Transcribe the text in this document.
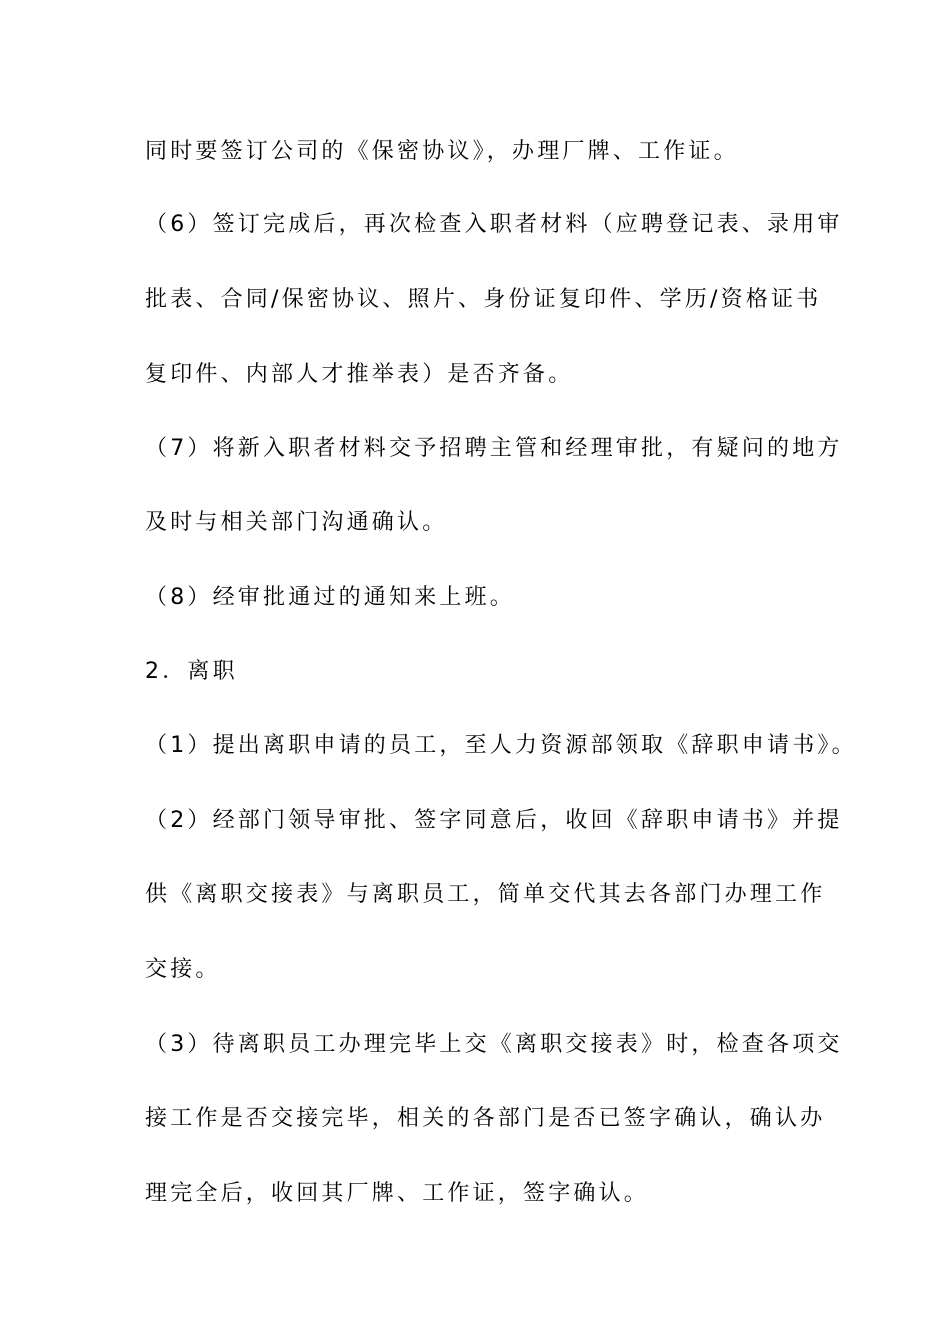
同时要签订公司的《保密协议》，办理厂牌、工作证。
（6）签订完成后，再次检查入职者材料（应聘登记表、录用审
批表、合同/保密协议、照片、身份证复印件、学历/资格证书
复印件、内部人才推举表）是否齐备。
（7）将新入职者材料交予招聘主管和经理审批，有疑问的地方
及时与相关部门沟通确认。
（8）经审批通过的通知来上班。
2．离职
（1）提出离职申请的员工，至人力资源部领取《辞职申请书》。
（2）经部门领导审批、签字同意后，收回《辞职申请书》并提
供《离职交接表》与离职员工，简单交代其去各部门办理工作
交接。
（3）待离职员工办理完毕上交《离职交接表》时，检查各项交
接工作是否交接完毕，相关的各部门是否已签字确认，确认办
理完全后，收回其厂牌、工作证，签字确认。
